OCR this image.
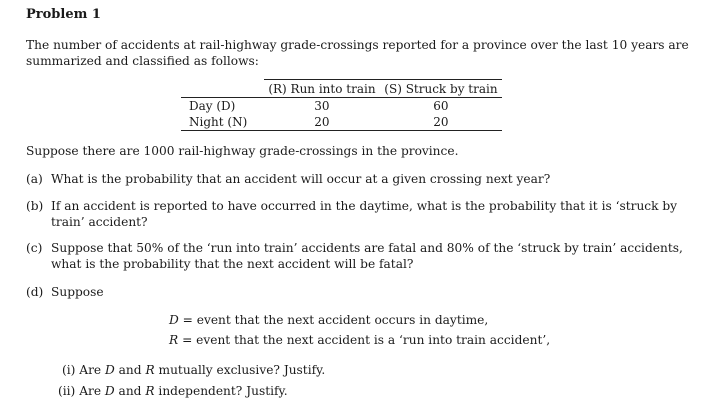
Problem 1
The number of accidents at rail-highway grade-crossings reported for a province over the last 10 years are
summarized and classified as follows:
	(R) Run into train	(S) Struck by train
Day (D)	30	60
Night (N)	20	20
Suppose there are 1000 rail-highway grade-crossings in the province.
(a) What is the probability that an accident will occur at a given crossing next year?
(b) If an accident is reported to have occurred in the daytime, what is the probability that it is ‘struck by
train’ accident?
(c) Suppose that 50% of the ‘run into train’ accidents are fatal and 80% of the ‘struck by train’ accidents,
what is the probability that the next accident will be fatal?
(d) Suppose
D = event that the next accident occurs in daytime,
R = event that the next accident is a ‘run into train accident’,
(i) Are D and R mutually exclusive? Justify.
(ii) Are D and R independent? Justify.
